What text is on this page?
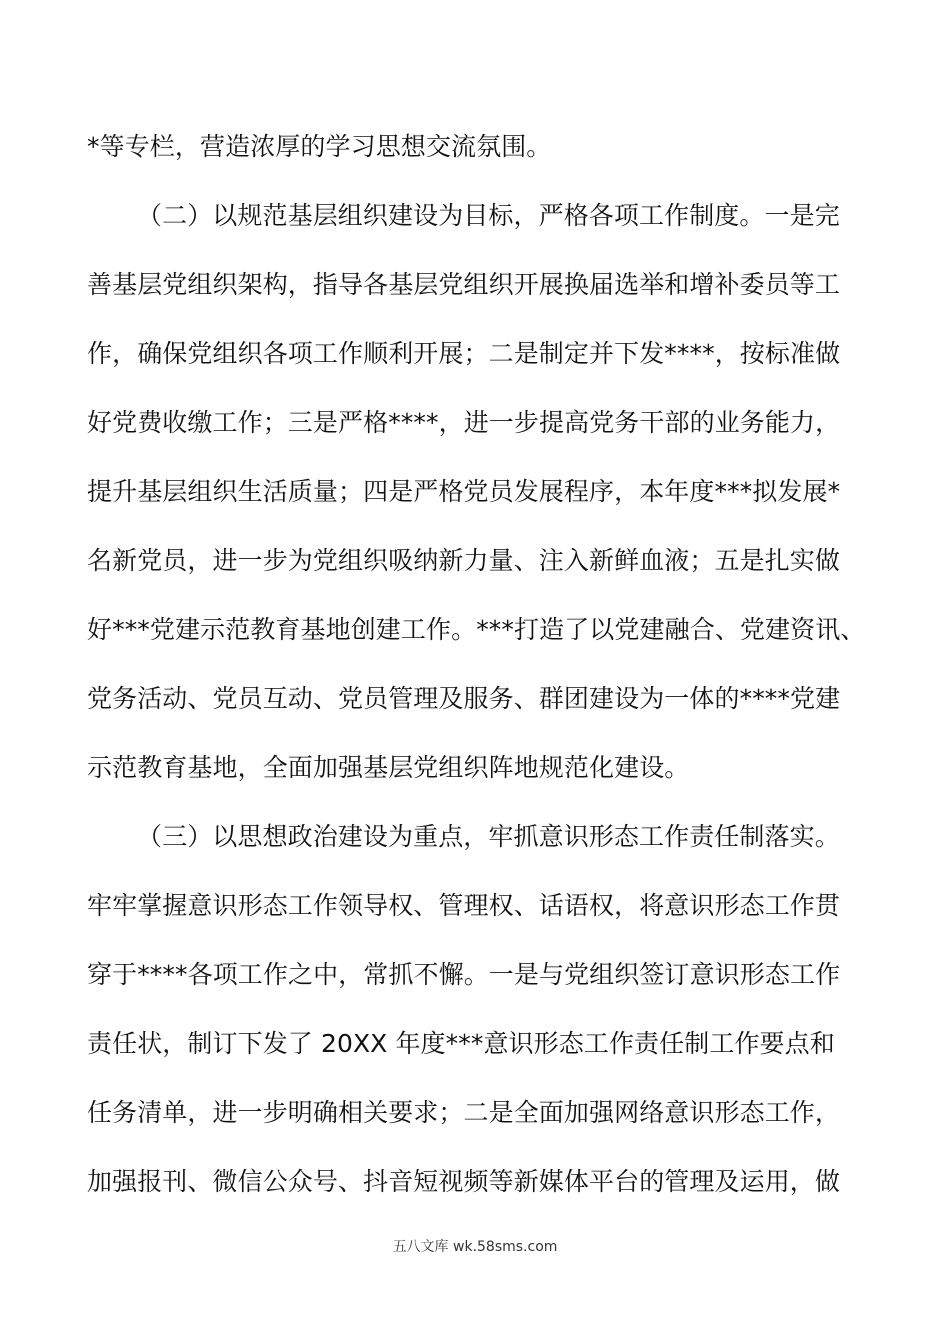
*等专栏，营造浓厚的学习思想交流氛围。
（二）以规范基层组织建设为目标，严格各项工作制度。一是完
善基层党组织架构，指导各基层党组织开展换届选举和增补委员等工
作，确保党组织各项工作顺利开展；二是制定并下发****，按标准做
好党费收缴工作；三是严格****，进一步提高党务干部的业务能力，
提升基层组织生活质量；四是严格党员发展程序，本年度***拟发展*
名新党员，进一步为党组织吸纳新力量、注入新鲜血液；五是扎实做
好***党建示范教育基地创建工作。***打造了以党建融合、党建资讯、
党务活动、党员互动、党员管理及服务、群团建设为一体的****党建
示范教育基地，全面加强基层党组织阵地规范化建设。
（三）以思想政治建设为重点，牢抓意识形态工作责任制落实。
牢牢掌握意识形态工作领导权、管理权、话语权，将意识形态工作贯
穿于****各项工作之中，常抓不懈。一是与党组织签订意识形态工作
责任状，制订下发了 20XX 年度***意识形态工作责任制工作要点和
任务清单，进一步明确相关要求；二是全面加强网络意识形态工作，
加强报刊、微信公众号、抖音短视频等新媒体平台的管理及运用，做
五八文库 wk.58sms.com
